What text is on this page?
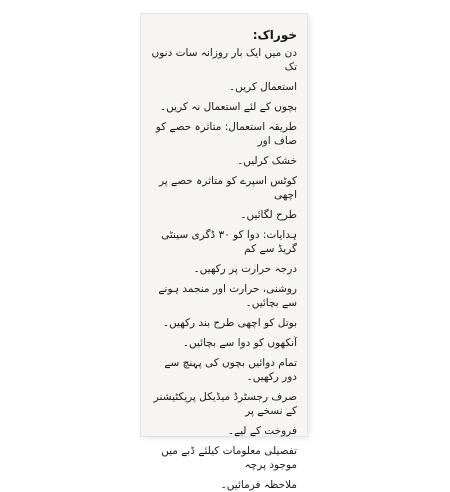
خوراک:
دن میں ایک بار روزانہ سات دنوں تک
استعمال کریں۔
بچوں کے لئے استعمال نہ کریں۔
طریقہ استعمال: متاثرہ حصے کو صاف اور
خشک کرلیں۔
کوٹس اسپرے کو متاثرہ حصے پر اچھی
طرح لگائیں۔
ہدایات: دوا کو ۳۰ ڈگری سینٹی گریڈ سے کم
درجہ حرارت پر رکھیں۔
روشنی، حرارت اور منجمد ہونے سے بچائیں۔
بوتل کو اچھی طرح بند رکھیں۔
آنکھوں کو دوا سے بچائیں۔
تمام دوائیں بچوں کی پہنچ سے دور رکھیں۔
صرف رجسٹرڈ میڈیکل پریکٹیشنر کے نسخے پر
فروخت کے لیے۔
تفصیلی معلومات کیلئے ڈبے میں موجود پرچہ
ملاحظہ فرمائیں۔
